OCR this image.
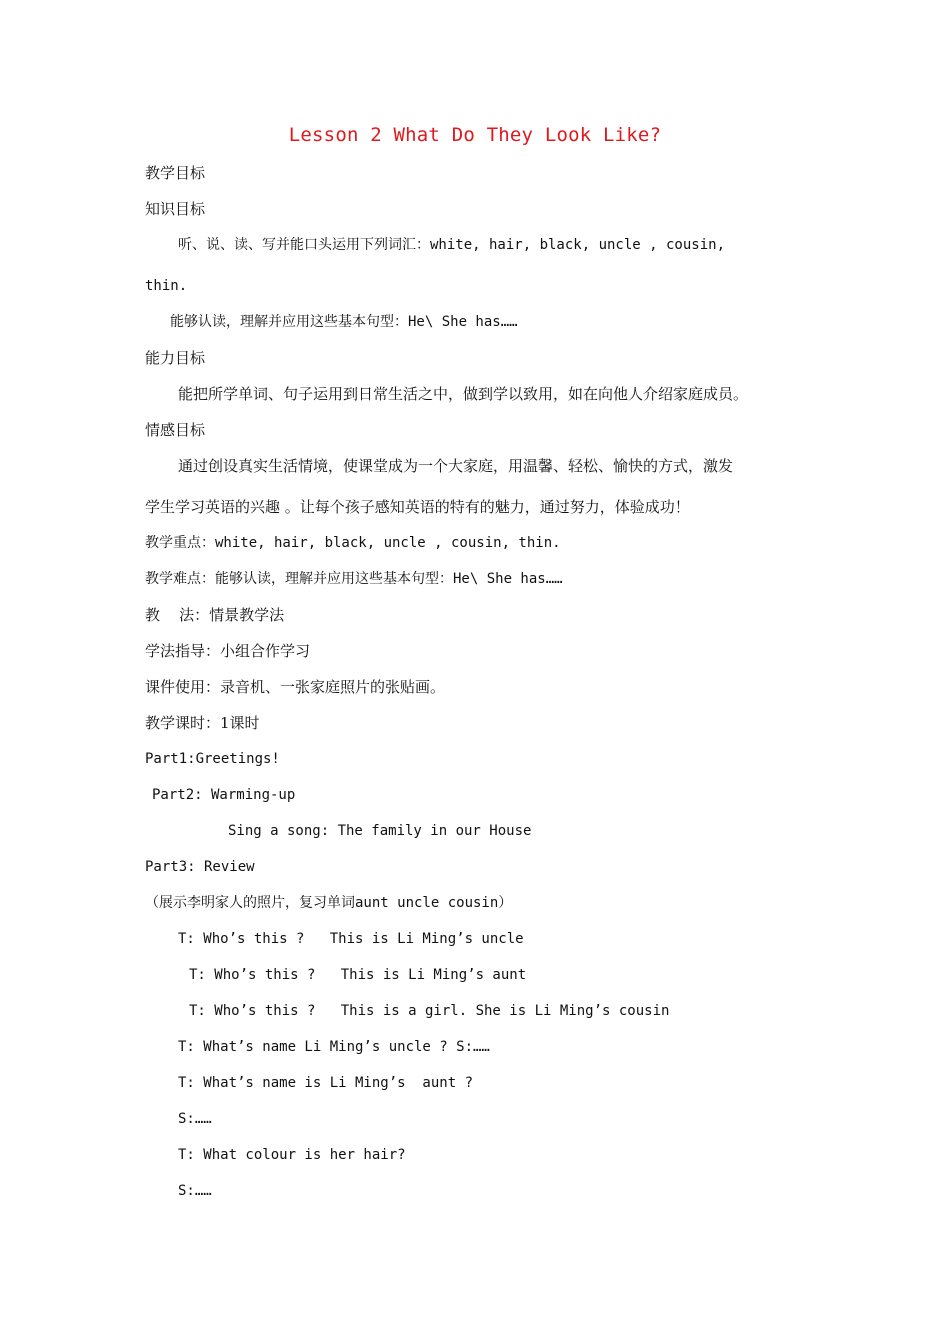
Lesson 2 What Do They Look Like?
教学目标
知识目标
听、说、读、写并能口头运用下列词汇：white, hair, black, uncle , cousin,
thin.
能够认读，理解并应用这些基本句型：He\ She has……
能力目标
能把所学单词、句子运用到日常生活之中，做到学以致用，如在向他人介绍家庭成员。
情感目标
通过创设真实生活情境，使课堂成为一个大家庭，用温馨、轻松、愉快的方式，激发
学生学习英语的兴趣 。让每个孩子感知英语的特有的魅力，通过努力，体验成功！
教学重点：white, hair, black, uncle , cousin, thin.
教学难点：能够认读，理解并应用这些基本句型：He\ She has……
教    法：情景教学法
学法指导：小组合作学习
课件使用：录音机、一张家庭照片的张贴画。
教学课时：1课时
Part1:Greetings!
Part2: Warming-up
Sing a song: The family in our House
Part3: Review
（展示李明家人的照片，复习单词aunt uncle cousin）
T: Who’s this ?   This is Li Ming’s uncle
T: Who’s this ?   This is Li Ming’s aunt
T: Who’s this ?   This is a girl. She is Li Ming’s cousin
T: What’s name Li Ming’s uncle ? S:……
T: What’s name is Li Ming’s  aunt ?
S:……
T: What colour is her hair?
S:……
